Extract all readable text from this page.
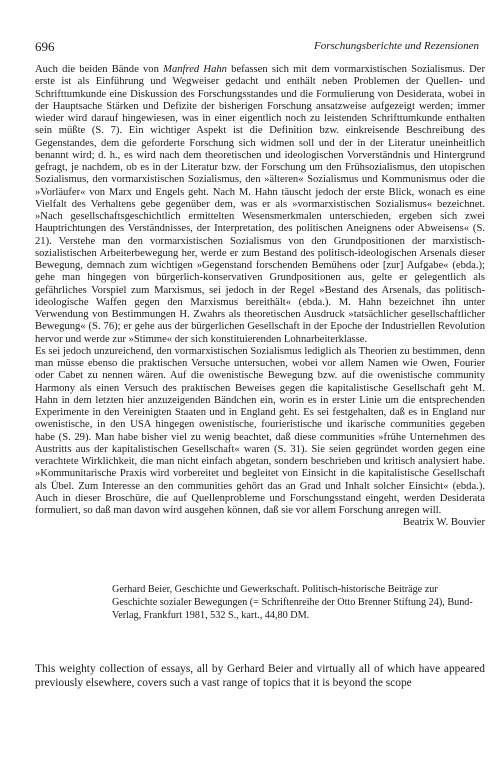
696	Forschungsberichte und Rezensionen

Auch die beiden Bände von Manfred Hahn befassen sich mit dem vormarxistischen Sozialismus. Der erste ist als Einführung und Wegweiser gedacht und enthält neben Problemen der Quellen- und Schrifttumkunde eine Diskussion des Forschungsstandes und die Formulierung von Desiderata, wobei in der Hauptsache Stärken und Defizite der bisherigen Forschung ansatzweise aufgezeigt werden; immer wieder wird darauf hingewiesen, was in einer eigentlich noch zu leistenden Schrifttumkunde enthalten sein müßte (S. 7). Ein wichtiger Aspekt ist die Definition bzw. einkreisende Beschreibung des Gegenstandes, dem die geforderte Forschung sich widmen soll und der in der Literatur uneinheitlich benannt wird; d. h., es wird nach dem theoretischen und ideologischen Vorverständnis und Hintergrund gefragt, je nachdem, ob es in der Literatur bzw. der Forschung um den Frühsozialismus, den utopischen Sozialismus, den vormarxistischen Sozialismus, den »älteren« Sozialismus und Kommunismus oder die »Vorläufer« von Marx und Engels geht. Nach M. Hahn täuscht jedoch der erste Blick, wonach es eine Vielfalt des Verhaltens gebe gegenüber dem, was er als »vormarxistischen Sozialismus« bezeichnet. »Nach gesellschaftsgeschichtlich ermittelten Wesensmerkmalen unterschieden, ergeben sich zwei Hauptrichtungen des Verständnisses, der Interpretation, des politischen Aneignens oder Abweisens« (S. 21). Verstehe man den vormarxistischen Sozialismus von den Grundpositionen der marxistisch-sozialistischen Arbeiterbewegung her, werde er zum Bestand des politisch-ideologischen Arsenals dieser Bewegung, demnach zum wichtigen »Gegenstand forschenden Bemühens oder [zur] Aufgabe« (ebda.); gehe man hingegen von bürgerlich-konservativen Grundpositionen aus, gelte er gelegentlich als gefährliches Vorspiel zum Marxismus, sei jedoch in der Regel »Bestand des Arsenals, das politisch-ideologische Waffen gegen den Marxismus bereithält« (ebda.). M. Hahn bezeichnet ihn unter Verwendung von Bestimmungen H. Zwahrs als theoretischen Ausdruck »tatsächlicher gesellschaftlicher Bewegung« (S. 76); er gehe aus der bürgerlichen Gesellschaft in der Epoche der Industriellen Revolution hervor und werde zur »Stimme« der sich konstituierenden Lohnarbeiterklasse.

Es sei jedoch unzureichend, den vormarxistischen Sozialismus lediglich als Theorien zu bestimmen, denn man müsse ebenso die praktischen Versuche untersuchen, wobei vor allem Namen wie Owen, Fourier oder Cabet zu nennen wären. Auf die owenistische Bewegung bzw. auf die owenistische community Harmony als einen Versuch des praktischen Beweises gegen die kapitalistische Gesellschaft geht M. Hahn in dem letzten hier anzuzeigenden Bändchen ein, worin es in erster Linie um die entsprechenden Experimente in den Vereinigten Staaten und in England geht. Es sei festgehalten, daß es in England nur owenistische, in den USA hingegen owenistische, fourieristische und ikarische communities gegeben habe (S. 29). Man habe bisher viel zu wenig beachtet, daß diese communities »frühe Unternehmen des Austritts aus der kapitalistischen Gesellschaft« waren (S. 31). Sie seien gegründet worden gegen eine verachtete Wirklichkeit, die man nicht einfach abgetan, sondern beschrieben und kritisch analysiert habe. »Kommunitarische Praxis wird vorbereitet und begleitet von Einsicht in die kapitalistische Gesellschaft als Übel. Zum Interesse an den communities gehört das an Grad und Inhalt solcher Einsicht« (ebda.). Auch in dieser Broschüre, die auf Quellenprobleme und Forschungsstand eingeht, werden Desiderata formuliert, so daß man davon wird ausgehen können, daß sie vor allem Forschung anregen will.

Beatrix W. Bouvier

Gerhard Beier, Geschichte und Gewerkschaft. Politisch-historische Beiträge zur Geschichte sozialer Bewegungen (= Schriftenreihe der Otto Brenner Stiftung 24), Bund-Verlag, Frankfurt 1981, 532 S., kart., 44,80 DM.

This weighty collection of essays, all by Gerhard Beier and virtually all of which have appeared previously elsewhere, covers such a vast range of topics that it is beyond the scope
